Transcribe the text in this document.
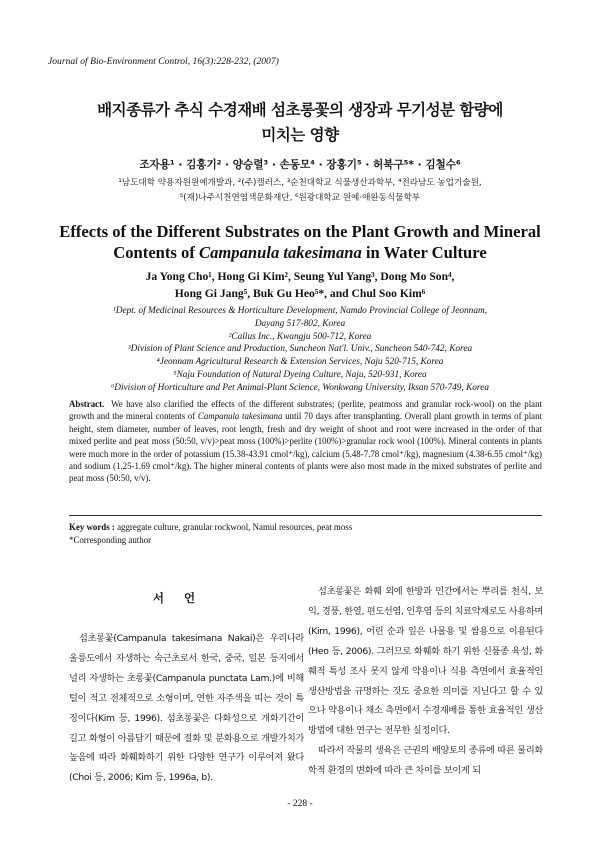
Journal of Bio-Environment Control, 16(3):228-232, (2007)
배지종류가 추식 수경재배 섬초롱꽃의 생장과 무기성분 함량에
미치는 영향
조자용¹ · 김홍기² · 양승렬³ · 손동모⁴ · 장홍기⁵ · 허북구⁵* · 김철수⁶
¹남도대학 약용자원원예개발과, ²(주)캘러스, ³순천대학교 식물생산과학부, ⁴전라남도 농업기술원,
⁵(재)나주시천연염색문화재단, ⁶원광대학교 원예·애완동식물학부
Effects of the Different Substrates on the Plant Growth and Mineral
Contents of Campanula takesimana in Water Culture
Ja Yong Cho¹, Hong Gi Kim², Seung Yul Yang³, Dong Mo Son⁴,
Hong Gi Jang⁵, Buk Gu Heo⁵*, and Chul Soo Kim⁶
¹Dept. of Medicinal Resources & Horticulture Development, Namdo Provincial College of Jeonnam,
Dayang 517-802, Korea
²Callus Inc., Kwangju 500-712, Korea
³Division of Plant Science and Production, Suncheon Nat'l. Univ., Suncheon 540-742, Korea
⁴Jeonnam Agricultural Research & Extension Services, Naju 520-715, Korea
⁵Naju Foundation of Natural Dyeing Culture, Naju, 520-931, Korea
⁶Division of Horticulture and Pet Animal-Plant Science, Wonkwang University, Iksan 570-749, Korea
Abstract. We have also clarified the effects of the different substrates; (perlite, peatmoss and granular rock-wool) on the plant growth and the mineral contents of Campanula takesimana until 70 days after transplanting. Overall plant growth in terms of plant height, stem diameter, number of leaves, root length, fresh and dry weight of shoot and root were increased in the order of that mixed perlite and peat moss (50:50, v/v)>peat moss (100%)>perlite (100%)>granular rock wool (100%). Mineral contents in plants were much more in the order of potassium (15.38-43.91 cmol⁺/kg), calcium (5.48-7.78 cmol⁺/kg), magnesium (4.38-6.55 cmol⁺/kg) and sodium (1.25-1.69 cmol⁺/kg). The higher mineral contents of plants were also most made in the mixed substrates of perlite and peat moss (50:50, v/v).
Key words : aggregate culture, granular rockwool, Namul resources, peat moss
*Corresponding author
서 언

섬초롱꽃(Campanula takesimana Nakai)은 우리나라 울릉도에서 자생하는 숙근초로서 한국, 중국, 일본 등지에서 널리 자생하는 초롱꽃(Campanula punctata Lam.)에 비해 털이 적고 전체적으로 소형이며, 연한 자주색을 띠는 것이 특징이다(Kim 등, 1996). 섬초롱꽃은 다화성으로 개화기간이 길고 화형이 아름답기 때문에 절화 및 분화용으로 개발가치가 높음에 따라 화훼화하기 위한 다양한 연구가 이루어져 왔다(Choi 등, 2006; Kim 등, 1996a, b).

섬초롱꽃은 화훼 외에 한방과 민간에서는 뿌리를 천식, 보익, 경풍, 한열, 편도선염, 인후염 등의 치료약재로도 사용하며(Kim, 1996), 어린 순과 잎은 나물용 및 쌈용으로 이용된다(Heo 등, 2006). 그러므로 화훼화 하기 위한 신품종 육성, 화훼적 특성 조사 못지 않게 약용이나 식용 측면에서 효율적인 생산방법을 규명하는 것도 중요한 의미를 지닌다고 할 수 있으나 약용이나 채소 측면에서 수경재배를 통한 효율적인 생산방법에 대한 연구는 전무한 실정이다.

따라서 작물의 생육은 근권의 배양토의 종류에 따른 물리화학적 환경의 변화에 따라 큰 차이를 보이게 되

- 228 -
